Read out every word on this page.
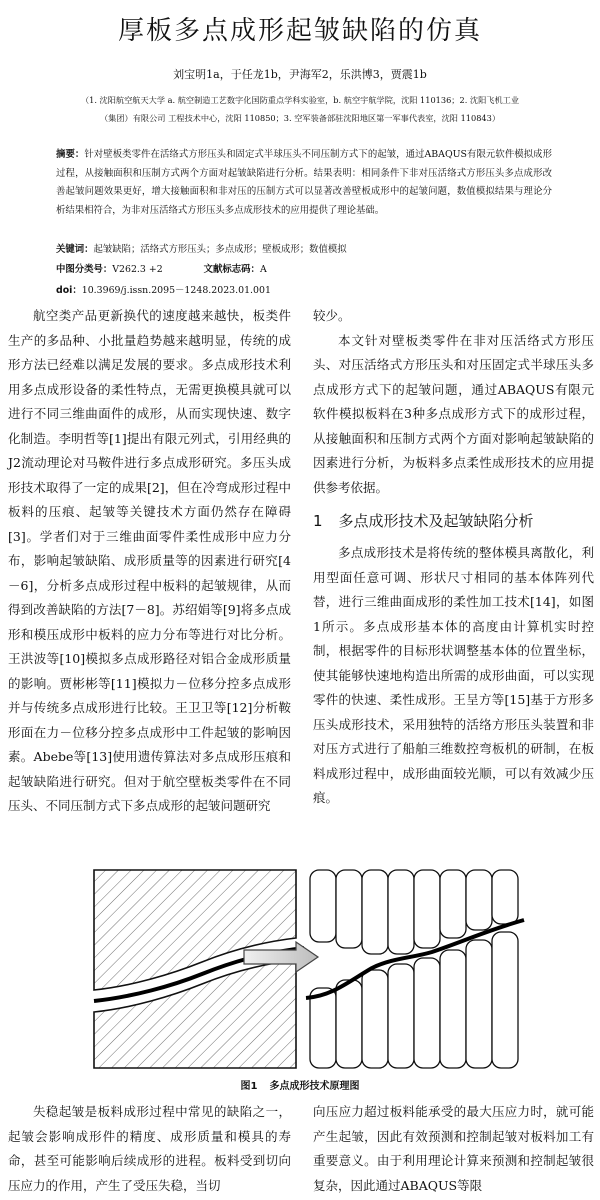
厚板多点成形起皱缺陷的仿真
刘宝明1a，于任龙1b，尹海军2，乐洪博3，贾震1b
（1. 沈阳航空航天大学 a. 航空制造工艺数字化国防重点学科实验室，b. 航空宇航学院，沈阳 110136；2. 沈阳飞机工业
（集团）有限公司 工程技术中心，沈阳 110850；3. 空军装备部驻沈阳地区第一军事代表室，沈阳 110843）
摘要：针对壁板类零件在活络式方形压头和固定式半球压头不同压制方式下的起皱，通过ABAQUS有限元软件模拟成形过程，从接触面积和压制方式两个方面对起皱缺陷进行分析。结果表明：相同条件下非对压活络式方形压头多点成形改善起皱问题效果更好，增大接触面积和非对压的压制方式可以显著改善壁板成形中的起皱问题，数值模拟结果与理论分析结果相符合，为非对压活络式方形压头多点成形技术的应用提供了理论基础。
关键词：起皱缺陷；活络式方形压头；多点成形；壁板成形；数值模拟
中图分类号：V262.3 +2	文献标志码：A
doi：10.3969/j.issn.2095－1248.2023.01.001

航空类产品更新换代的速度越来越快，板类件生产的多品种、小批量趋势越来越明显，传统的成形方法已经难以满足发展的要求。多点成形技术利用多点成形设备的柔性特点，无需更换模具就可以进行不同三维曲面件的成形，从而实现快速、数字化制造。李明哲等[1]提出有限元列式，引用经典的J2流动理论对马鞍件进行多点成形研究。多压头成形技术取得了一定的成果[2]，但在冷弯成形过程中板料的压痕、起皱等关键技术方面仍然存在障碍[3]。学者们对于三维曲面零件柔性成形中应力分布，影响起皱缺陷、成形质量等的因素进行研究[4－6]，分析多点成形过程中板料的起皱规律，从而得到改善缺陷的方法[7－8]。苏绍娟等[9]将多点成形和模压成形中板料的应力分布等进行对比分析。王洪波等[10]模拟多点成形路径对铝合金成形质量的影响。贾彬彬等[11]模拟力－位移分控多点成形并与传统多点成形进行比较。王卫卫等[12]分析鞍形面在力－位移分控多点成形中工件起皱的影响因素。Abebe等[13]使用遗传算法对多点成形压痕和起皱缺陷进行研究。但对于航空壁板类零件在不同压头、不同压制方式下多点成形的起皱问题研究

较少。

本文针对壁板类零件在非对压活络式方形压头、对压活络式方形压头和对压固定式半球压头多点成形方式下的起皱问题，通过ABAQUS有限元软件模拟板料在3种多点成形方式下的成形过程，从接触面积和压制方式两个方面对影响起皱缺陷的因素进行分析，为板料多点柔性成形技术的应用提供参考依据。

1 多点成形技术及起皱缺陷分析

多点成形技术是将传统的整体模具离散化，利用型面任意可调、形状尺寸相同的基本体阵列代替，进行三维曲面成形的柔性加工技术[14]，如图1所示。多点成形基本体的高度由计算机实时控制，根据零件的目标形状调整基本体的位置坐标，使其能够快速地构造出所需的成形曲面，可以实现零件的快速、柔性成形。王呈方等[15]基于方形多压头成形技术，采用独特的活络方形压头装置和非对压方式进行了船舶三维数控弯板机的研制，在板料成形过程中，成形曲面较光顺，可以有效减少压痕。

图1 多点成形技术原理图

失稳起皱是板料成形过程中常见的缺陷之一，起皱会影响成形件的精度、成形质量和模具的寿命，甚至可能影响后续成形的进程。板料受到切向压应力的作用，产生了受压失稳，当切

向压应力超过板料能承受的最大压应力时，就可能产生起皱，因此有效预测和控制起皱对板料加工有重要意义。由于利用理论计算来预测和控制起皱很复杂，因此通过ABAQUS等限
